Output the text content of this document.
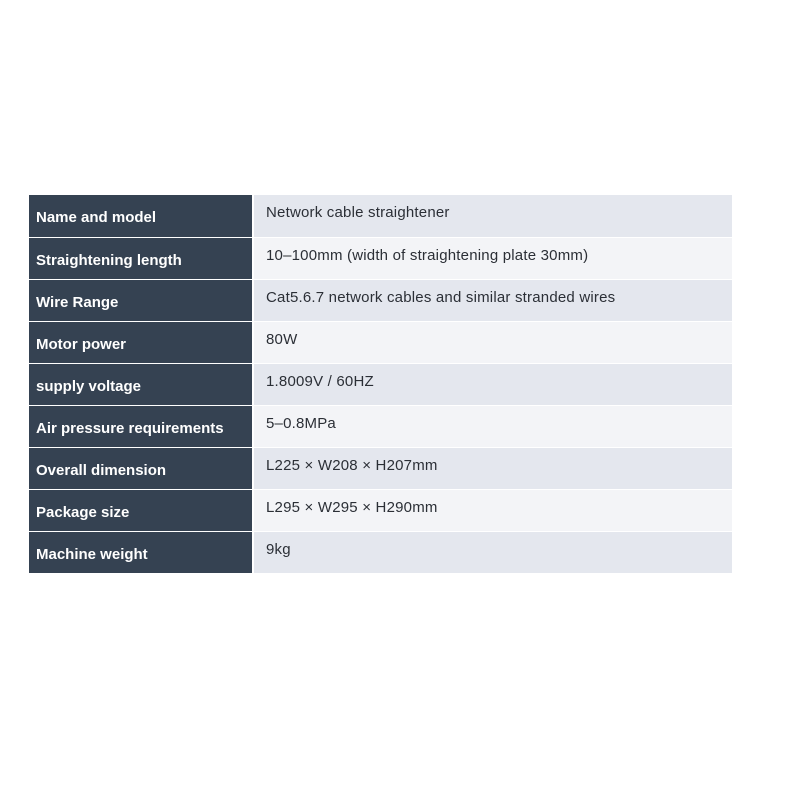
Name and model	Network cable straightener
Straightening length	10–100mm (width of straightening plate 30mm)
Wire Range	Cat5.6.7 network cables and similar stranded wires
Motor power	80W
supply voltage	1.8009V / 60HZ
Air pressure requirements	5–0.8MPa
Overall dimension	L225 × W208 × H207mm
Package size	L295 × W295 × H290mm
Machine weight	9kg
